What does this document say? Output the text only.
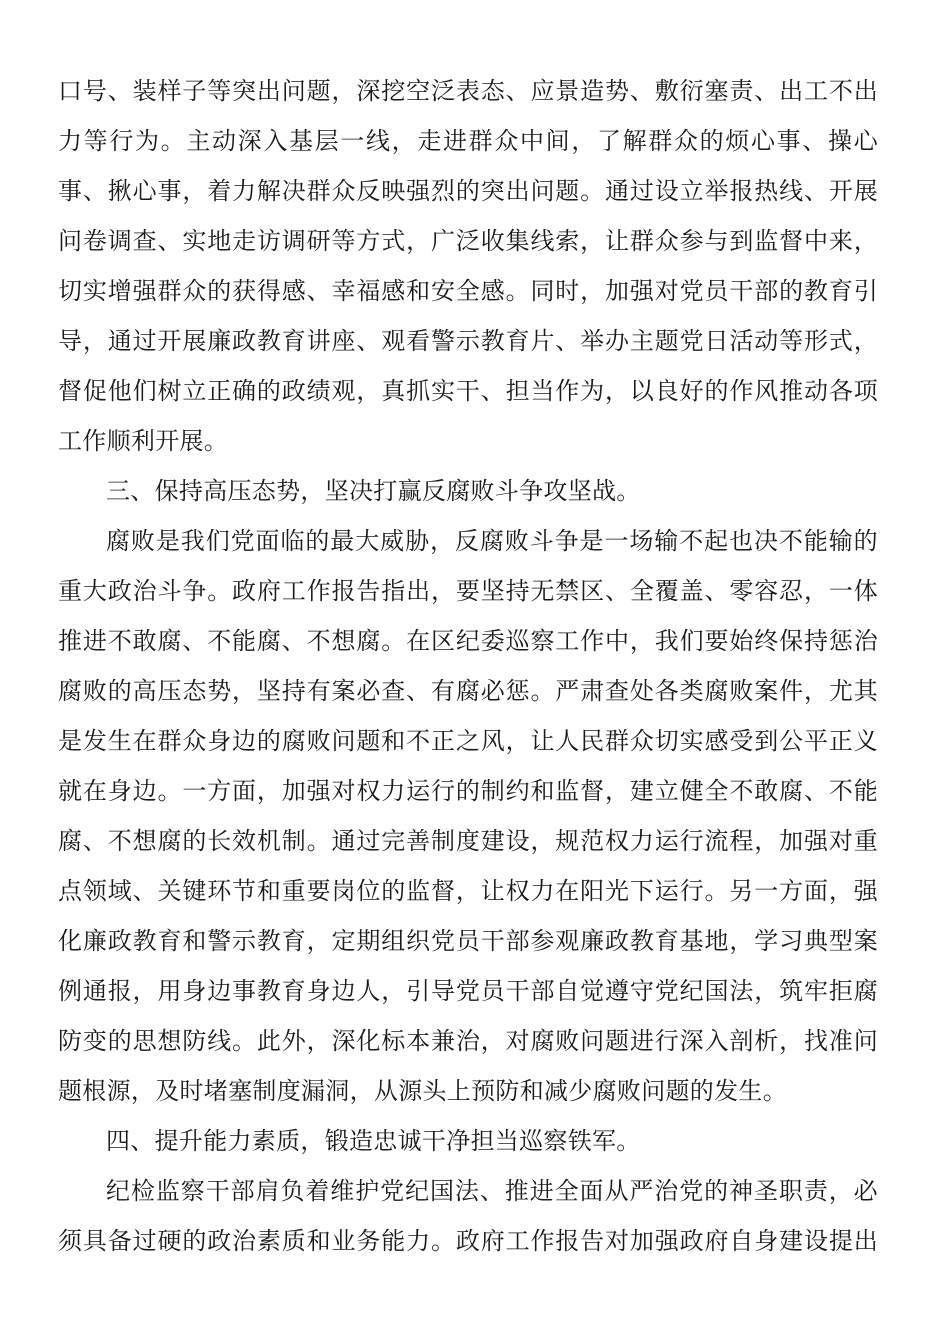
口号、装样子等突出问题，深挖空泛表态、应景造势、敷衍塞责、出工不出
力等行为。主动深入基层一线，走进群众中间，了解群众的烦心事、操心
事、揪心事，着力解决群众反映强烈的突出问题。通过设立举报热线、开展
问卷调查、实地走访调研等方式，广泛收集线索，让群众参与到监督中来，
切实增强群众的获得感、幸福感和安全感。同时，加强对党员干部的教育引
导，通过开展廉政教育讲座、观看警示教育片、举办主题党日活动等形式，
督促他们树立正确的政绩观，真抓实干、担当作为，以良好的作风推动各项
工作顺利开展。
三、保持高压态势，坚决打赢反腐败斗争攻坚战。
腐败是我们党面临的最大威胁，反腐败斗争是一场输不起也决不能输的
重大政治斗争。政府工作报告指出，要坚持无禁区、全覆盖、零容忍，一体
推进不敢腐、不能腐、不想腐。在区纪委巡察工作中，我们要始终保持惩治
腐败的高压态势，坚持有案必查、有腐必惩。严肃查处各类腐败案件，尤其
是发生在群众身边的腐败问题和不正之风，让人民群众切实感受到公平正义
就在身边。一方面，加强对权力运行的制约和监督，建立健全不敢腐、不能
腐、不想腐的长效机制。通过完善制度建设，规范权力运行流程，加强对重
点领域、关键环节和重要岗位的监督，让权力在阳光下运行。另一方面，强
化廉政教育和警示教育，定期组织党员干部参观廉政教育基地，学习典型案
例通报，用身边事教育身边人，引导党员干部自觉遵守党纪国法，筑牢拒腐
防变的思想防线。此外，深化标本兼治，对腐败问题进行深入剖析，找准问
题根源，及时堵塞制度漏洞，从源头上预防和减少腐败问题的发生。
四、提升能力素质，锻造忠诚干净担当巡察铁军。
纪检监察干部肩负着维护党纪国法、推进全面从严治党的神圣职责，必
须具备过硬的政治素质和业务能力。政府工作报告对加强政府自身建设提出
